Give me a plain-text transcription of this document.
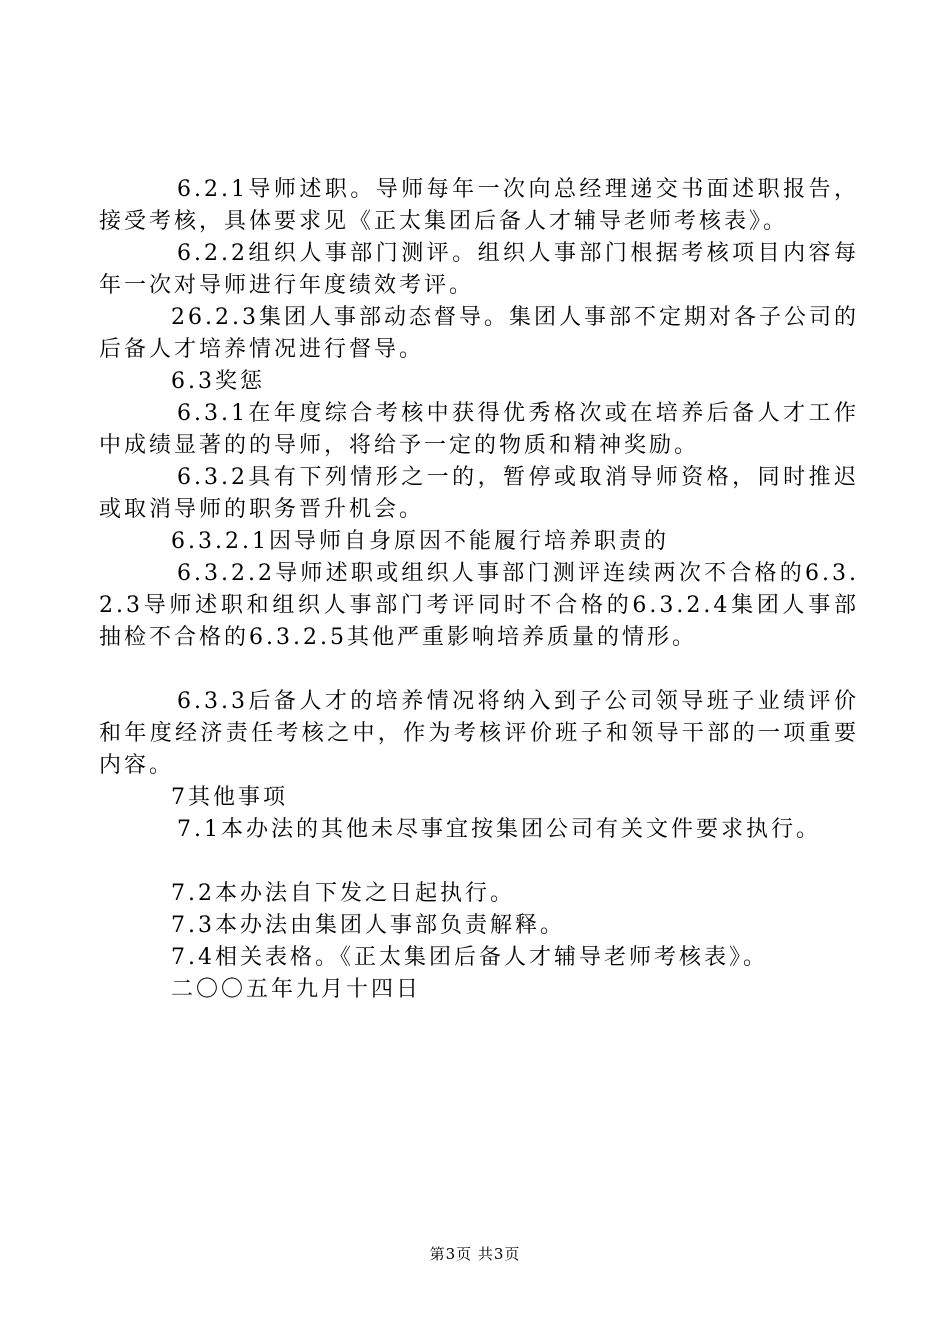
6.2.1导师述职。导师每年一次向总经理递交书面述职报告，接受考核，具体要求见《正太集团后备人才辅导老师考核表》。

6.2.2组织人事部门测评。组织人事部门根据考核项目内容每年一次对导师进行年度绩效考评。

26.2.3集团人事部动态督导。集团人事部不定期对各子公司的后备人才培养情况进行督导。

6.3奖惩

6.3.1在年度综合考核中获得优秀格次或在培养后备人才工作中成绩显著的的导师，将给予一定的物质和精神奖励。

6.3.2具有下列情形之一的，暂停或取消导师资格，同时推迟或取消导师的职务晋升机会。

6.3.2.1因导师自身原因不能履行培养职责的

6.3.2.2导师述职或组织人事部门测评连续两次不合格的6.3.2.3导师述职和组织人事部门考评同时不合格的6.3.2.4集团人事部抽检不合格的6.3.2.5其他严重影响培养质量的情形。

6.3.3后备人才的培养情况将纳入到子公司领导班子业绩评价和年度经济责任考核之中，作为考核评价班子和领导干部的一项重要内容。

7其他事项

7.1本办法的其他未尽事宜按集团公司有关文件要求执行。

7.2本办法自下发之日起执行。

7.3本办法由集团人事部负责解释。

7.4相关表格。《正太集团后备人才辅导老师考核表》。

二〇〇五年九月十四日

第3页 共3页
